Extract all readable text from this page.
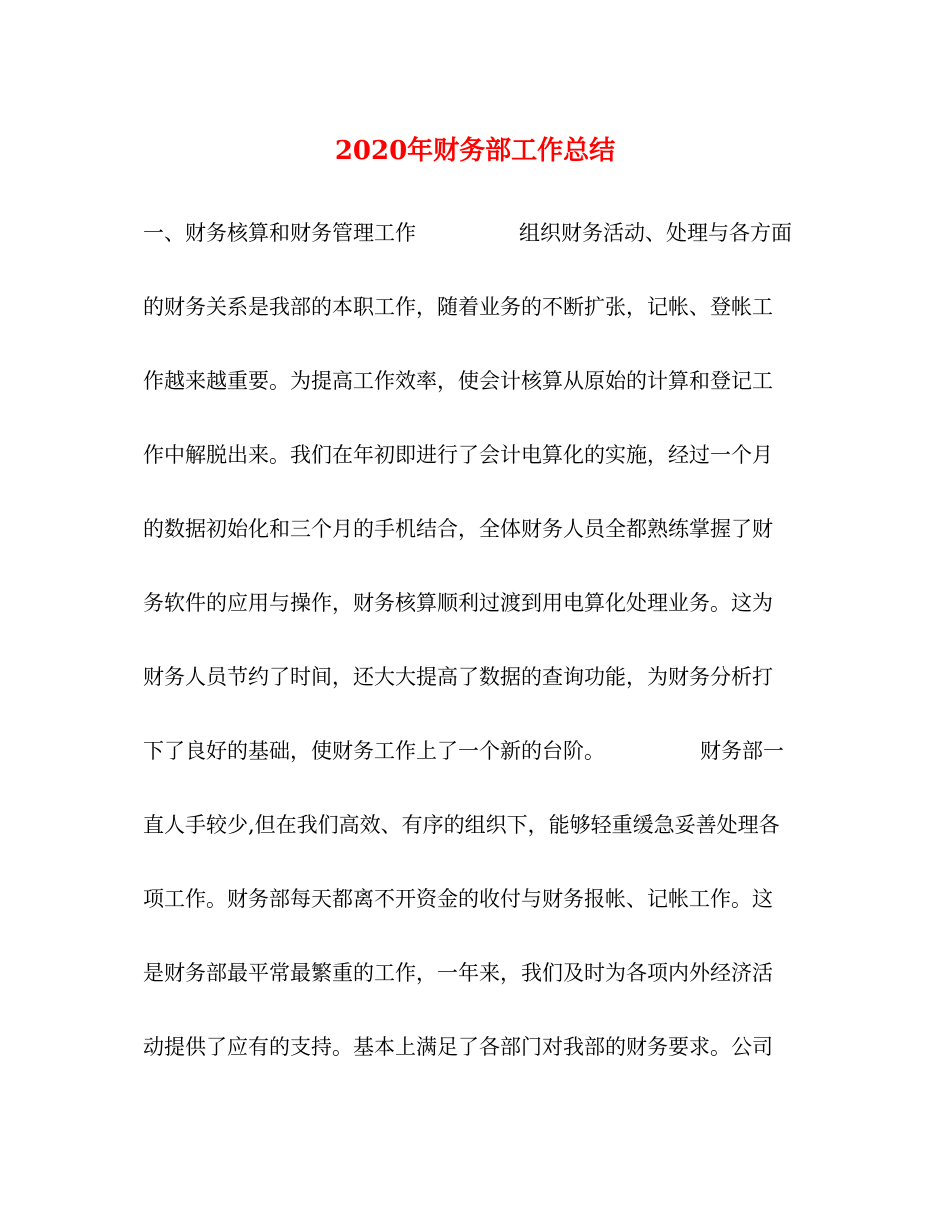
2020年财务部工作总结
一、财务核算和财务管理工作	组织财务活动、处理与各方面
的财务关系是我部的本职工作，随着业务的不断扩张，记帐、登帐工
作越来越重要。为提高工作效率，使会计核算从原始的计算和登记工
作中解脱出来。我们在年初即进行了会计电算化的实施，经过一个月
的数据初始化和三个月的手机结合，全体财务人员全都熟练掌握了财
务软件的应用与操作，财务核算顺利过渡到用电算化处理业务。这为
财务人员节约了时间，还大大提高了数据的查询功能，为财务分析打
下了良好的基础，使财务工作上了一个新的台阶。	财务部一
直人手较少,但在我们高效、有序的组织下，能够轻重缓急妥善处理各
项工作。财务部每天都离不开资金的收付与财务报帐、记帐工作。这
是财务部最平常最繁重的工作，一年来，我们及时为各项内外经济活
动提供了应有的支持。基本上满足了各部门对我部的财务要求。公司
